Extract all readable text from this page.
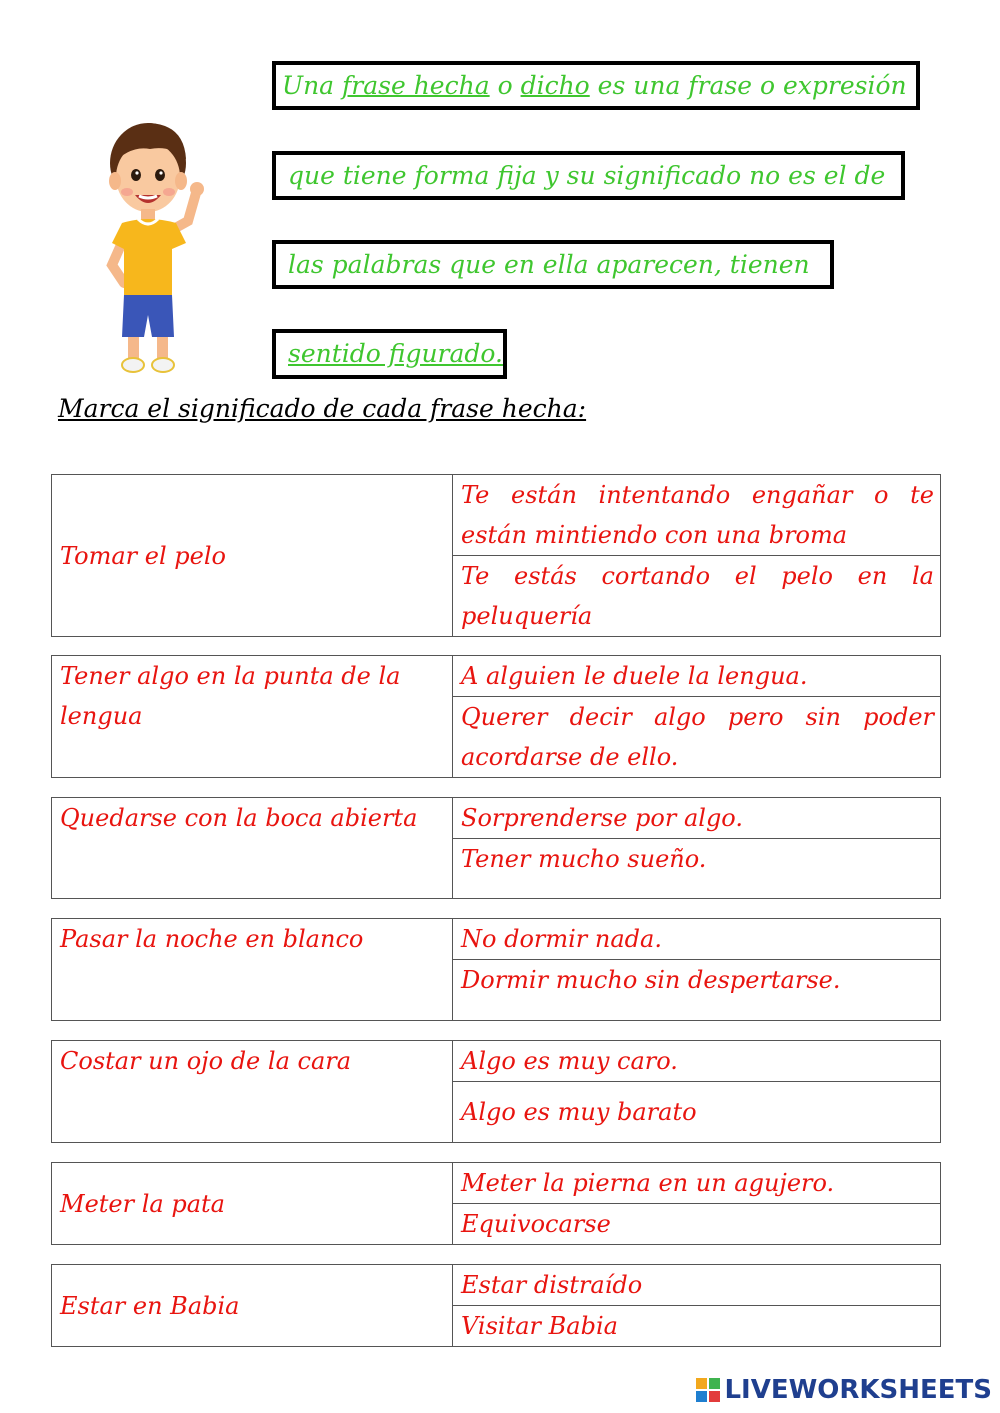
Una frase hecha o dicho es una frase o expresión
que tiene forma fija y su significado no es el de
las palabras que en ella aparecen, tienen
sentido figurado.
Marca el significado de cada frase hecha:
Tomar el pelo	Te están intentando engañar o te están mintiendo con una broma
Te estás cortando el pelo en la peluquería
Tener algo en la punta de la lengua	A alguien le duele la lengua.
Querer decir algo pero sin poder acordarse de ello.
Quedarse con la boca abierta	Sorprenderse por algo.
Tener mucho sueño.
Pasar la noche en blanco	No dormir nada.
Dormir mucho sin despertarse.
Costar un ojo de la cara	Algo es muy caro.
Algo es muy barato
Meter la pata	Meter la pierna en un agujero.
Equivocarse
Estar en Babia	Estar distraído
Visitar Babia
LIVEWORKSHEETS
